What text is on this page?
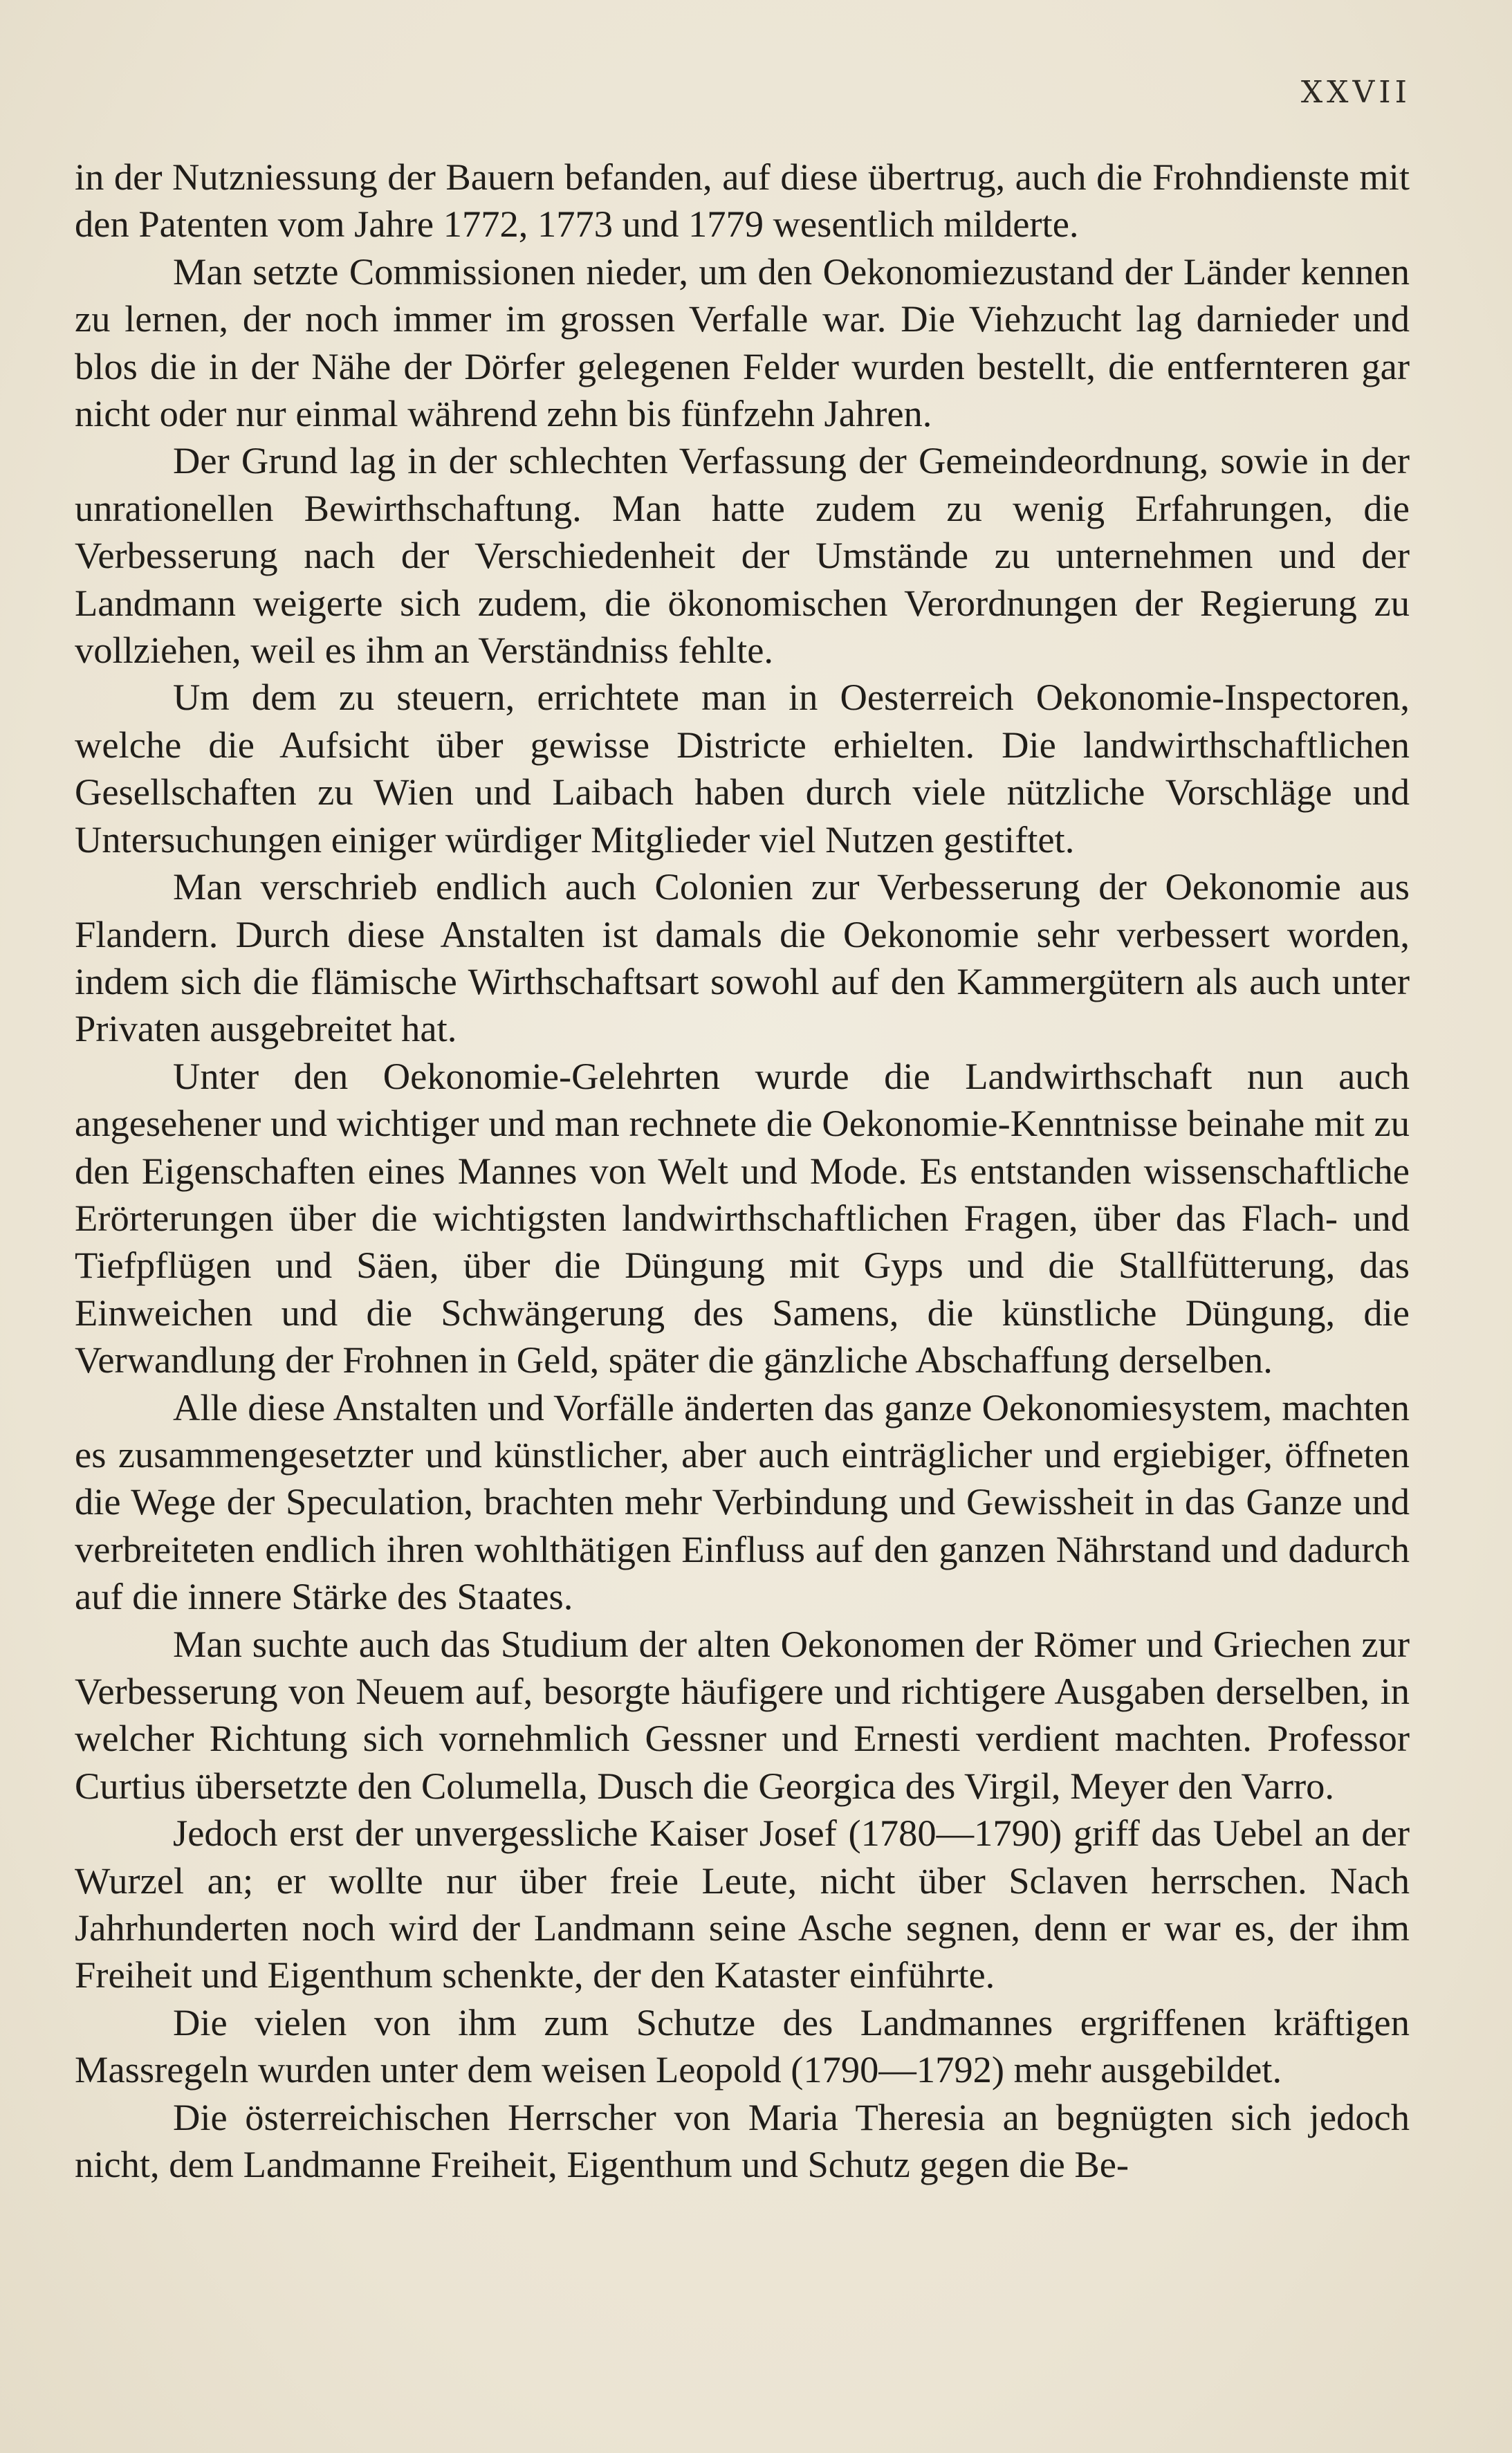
XXVII

in der Nutzniessung der Bauern befanden, auf diese übertrug, auch die Frohndienste mit den Patenten vom Jahre 1772, 1773 und 1779 wesentlich milderte.

Man setzte Commissionen nieder, um den Oekonomiezustand der Länder kennen zu lernen, der noch immer im grossen Verfalle war. Die Viehzucht lag darnieder und blos die in der Nähe der Dörfer gelegenen Felder wurden bestellt, die entfernteren gar nicht oder nur einmal während zehn bis fünfzehn Jahren.

Der Grund lag in der schlechten Verfassung der Gemeindeordnung, sowie in der unrationellen Bewirthschaftung. Man hatte zudem zu wenig Erfahrungen, die Verbesserung nach der Verschiedenheit der Umstände zu unternehmen und der Landmann weigerte sich zudem, die ökonomischen Verordnungen der Regierung zu vollziehen, weil es ihm an Verständniss fehlte.

Um dem zu steuern, errichtete man in Oesterreich Oekonomie-Inspectoren, welche die Aufsicht über gewisse Districte erhielten. Die landwirthschaftlichen Gesellschaften zu Wien und Laibach haben durch viele nützliche Vorschläge und Untersuchungen einiger würdiger Mitglieder viel Nutzen gestiftet.

Man verschrieb endlich auch Colonien zur Verbesserung der Oekonomie aus Flandern. Durch diese Anstalten ist damals die Oekonomie sehr verbessert worden, indem sich die flämische Wirthschaftsart sowohl auf den Kammergütern als auch unter Privaten ausgebreitet hat.

Unter den Oekonomie-Gelehrten wurde die Landwirthschaft nun auch angesehener und wichtiger und man rechnete die Oekonomie-Kenntnisse beinahe mit zu den Eigenschaften eines Mannes von Welt und Mode. Es entstanden wissenschaftliche Erörterungen über die wichtigsten landwirthschaftlichen Fragen, über das Flach- und Tiefpflügen und Säen, über die Düngung mit Gyps und die Stallfütterung, das Einweichen und die Schwängerung des Samens, die künstliche Düngung, die Verwandlung der Frohnen in Geld, später die gänzliche Abschaffung derselben.

Alle diese Anstalten und Vorfälle änderten das ganze Oekonomiesystem, machten es zusammengesetzter und künstlicher, aber auch einträglicher und ergiebiger, öffneten die Wege der Speculation, brachten mehr Verbindung und Gewissheit in das Ganze und verbreiteten endlich ihren wohlthätigen Einfluss auf den ganzen Nährstand und dadurch auf die innere Stärke des Staates.

Man suchte auch das Studium der alten Oekonomen der Römer und Griechen zur Verbesserung von Neuem auf, besorgte häufigere und richtigere Ausgaben derselben, in welcher Richtung sich vornehmlich Gessner und Ernesti verdient machten. Professor Curtius übersetzte den Columella, Dusch die Georgica des Virgil, Meyer den Varro.

Jedoch erst der unvergessliche Kaiser Josef (1780—1790) griff das Uebel an der Wurzel an; er wollte nur über freie Leute, nicht über Sclaven herrschen. Nach Jahrhunderten noch wird der Landmann seine Asche segnen, denn er war es, der ihm Freiheit und Eigenthum schenkte, der den Kataster einführte.

Die vielen von ihm zum Schutze des Landmannes ergriffenen kräftigen Massregeln wurden unter dem weisen Leopold (1790—1792) mehr ausgebildet.

Die österreichischen Herrscher von Maria Theresia an begnügten sich jedoch nicht, dem Landmanne Freiheit, Eigenthum und Schutz gegen die Be-
